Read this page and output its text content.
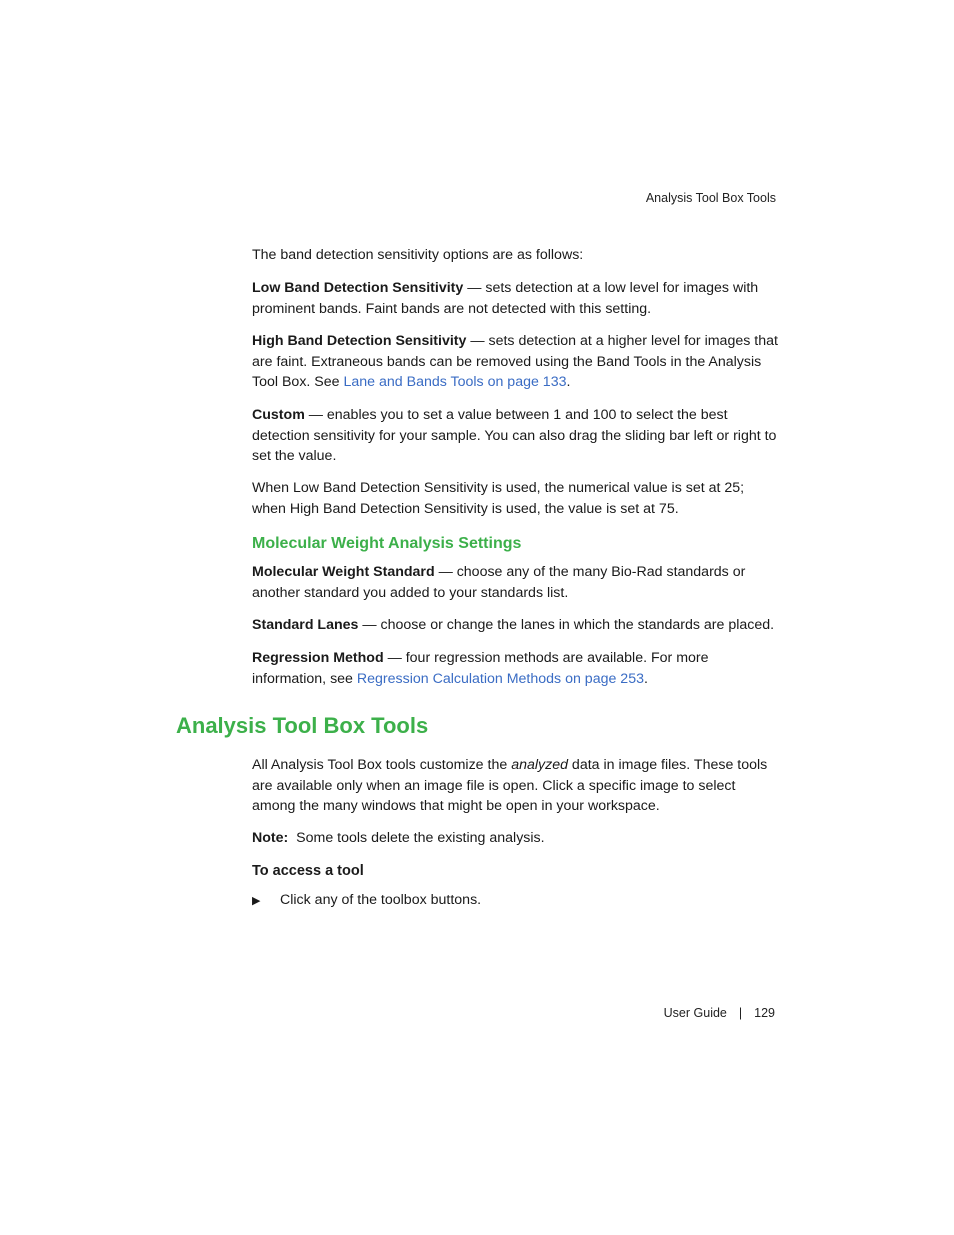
Analysis Tool Box Tools

The band detection sensitivity options are as follows:

Low Band Detection Sensitivity — sets detection at a low level for images with prominent bands. Faint bands are not detected with this setting.

High Band Detection Sensitivity — sets detection at a higher level for images that are faint. Extraneous bands can be removed using the Band Tools in the Analysis Tool Box. See Lane and Bands Tools on page 133.

Custom — enables you to set a value between 1 and 100 to select the best detection sensitivity for your sample. You can also drag the sliding bar left or right to set the value.

When Low Band Detection Sensitivity is used, the numerical value is set at 25; when High Band Detection Sensitivity is used, the value is set at 75.

Molecular Weight Analysis Settings

Molecular Weight Standard — choose any of the many Bio-Rad standards or another standard you added to your standards list.

Standard Lanes — choose or change the lanes in which the standards are placed.

Regression Method — four regression methods are available. For more information, see Regression Calculation Methods on page 253.

Analysis Tool Box Tools

All Analysis Tool Box tools customize the analyzed data in image files. These tools are available only when an image file is open. Click a specific image to select among the many windows that might be open in your workspace.

Note:  Some tools delete the existing analysis.

To access a tool
▶ Click any of the toolbox buttons.
User Guide | 129
